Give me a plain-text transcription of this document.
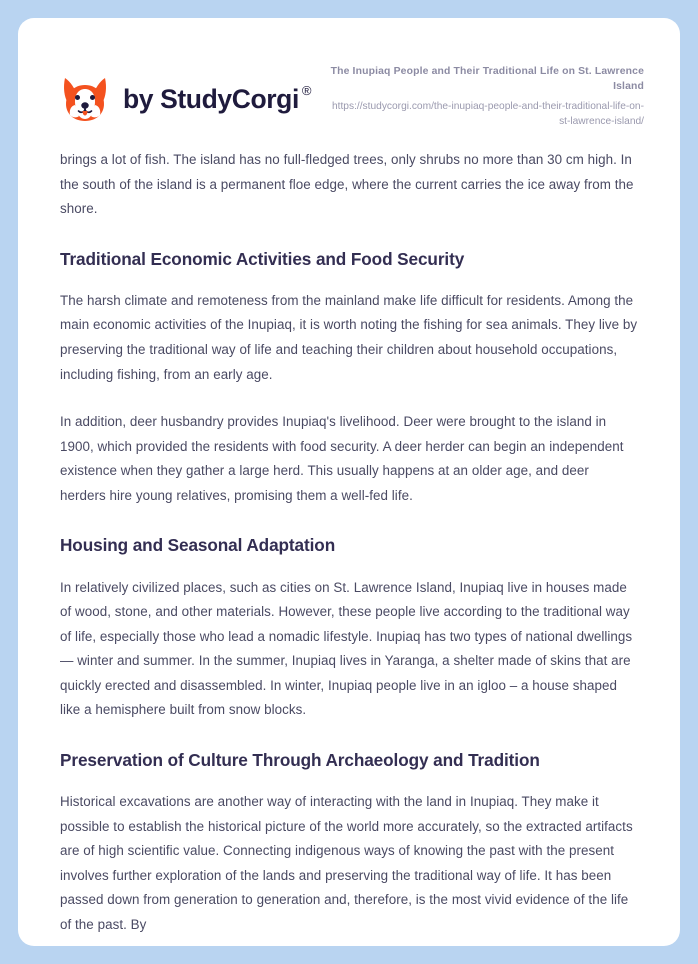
by
StudyCorgi ®

The Inupiaq People and Their Traditional Life on St. Lawrence Island

https://studycorgi.com/the-inupiaq-people-and-their-traditional-life-on-st-lawrence-island/

brings a lot of fish. The island has no full-fledged trees, only shrubs no more than 30 cm high. In the south of the island is a permanent floe edge, where the current carries the ice away from the shore.

Traditional Economic Activities and Food Security

The harsh climate and remoteness from the mainland make life difficult for residents. Among the main economic activities of the Inupiaq, it is worth noting the fishing for sea animals. They live by preserving the traditional way of life and teaching their children about household occupations, including fishing, from an early age.

In addition, deer husbandry provides Inupiaq's livelihood. Deer were brought to the island in 1900, which provided the residents with food security. A deer herder can begin an independent existence when they gather a large herd. This usually happens at an older age, and deer herders hire young relatives, promising them a well-fed life.

Housing and Seasonal Adaptation

In relatively civilized places, such as cities on St. Lawrence Island, Inupiaq live in houses made of wood, stone, and other materials. However, these people live according to the traditional way of life, especially those who lead a nomadic lifestyle. Inupiaq has two types of national dwellings — winter and summer. In the summer, Inupiaq lives in Yaranga, a shelter made of skins that are quickly erected and disassembled. In winter, Inupiaq people live in an igloo – a house shaped like a hemisphere built from snow blocks.

Preservation of Culture Through Archaeology and Tradition

Historical excavations are another way of interacting with the land in Inupiaq. They make it possible to establish the historical picture of the world more accurately, so the extracted artifacts are of high scientific value. Connecting indigenous ways of knowing the past with the present involves further exploration of the lands and preserving the traditional way of life. It has been passed down from generation to generation and, therefore, is the most vivid evidence of the life of the past. By
